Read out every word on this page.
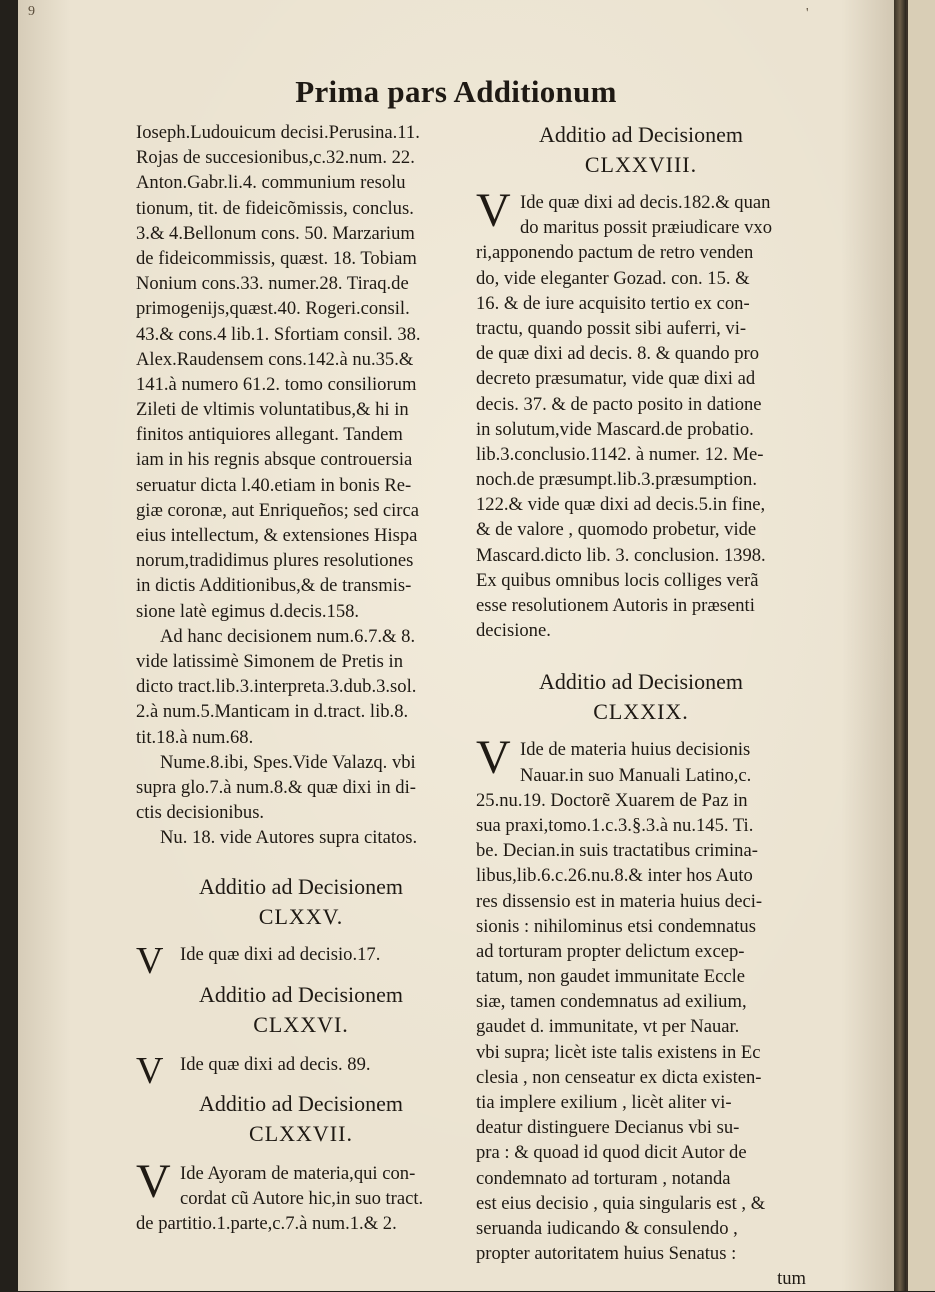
'
9
Prima pars Additionum
Ioseph.Ludouicum decisi.Perusina.11.
Rojas de succesionibus,c.32.num. 22.
Anton.Gabr.li.4. communium resolu
tionum, tit. de fideicõmissis, conclus.
3.& 4.Bellonum cons. 50. Marzarium
de fideicommissis, quæst. 18. Tobiam
Nonium cons.33. numer.28. Tiraq.de
primogenijs,quæst.40. Rogeri.consil.
43.& cons.4 lib.1. Sfortiam consil. 38.
Alex.Raudensem cons.142.à nu.35.&
141.à numero 61.2. tomo consiliorum
Zileti de vltimis voluntatibus,& hi in
finitos antiquiores allegant. Tandem
iam in his regnis absque controuersia
seruatur dicta l.40.etiam in bonis Re-
giæ coronæ, aut Enriqueños; sed circa
eius intellectum, & extensiones Hispa
norum,tradidimus plures resolutiones
in dictis Additionibus,& de transmis-
sione latè egimus d.decis.158.
Ad hanc decisionem num.6.7.& 8.
vide latissimè Simonem de Pretis in
dicto tract.lib.3.interpreta.3.dub.3.sol.
2.à num.5.Manticam in d.tract. lib.8.
tit.18.à num.68.
Nume.8.ibi, Spes.Vide Valazq. vbi
supra glo.7.à num.8.& quæ dixi in di-
ctis decisionibus.
Nu. 18. vide Autores supra citatos.
Additio ad Decisionem
CLXXV.
V Ide quæ dixi ad decisio.17.
Additio ad Decisionem
CLXXVI.
V Ide quæ dixi ad decis. 89.
Additio ad Decisionem
CLXXVII.
V Ide Ayoram de materia,qui con-
cordat cũ Autore hic,in suo tract.
de partitio.1.parte,c.7.à num.1.& 2.
Additio ad Decisionem
CLXXVIII.
V Ide quæ dixi ad decis.182.& quan
do maritus possit præiudicare vxo
ri,apponendo pactum de retro venden
do, vide eleganter Gozad. con. 15. &
16. & de iure acquisito tertio ex con-
tractu, quando possit sibi auferri, vi-
de quæ dixi ad decis. 8. & quando pro
decreto præsumatur, vide quæ dixi ad
decis. 37. & de pacto posito in datione
in solutum,vide Mascard.de probatio.
lib.3.conclusio.1142. à numer. 12. Me-
noch.de præsumpt.lib.3.præsumption.
122.& vide quæ dixi ad decis.5.in fine,
& de valore , quomodo probetur, vide
Mascard.dicto lib. 3. conclusion. 1398.
Ex quibus omnibus locis colliges verã
esse resolutionem Autoris in præsenti
decisione.
Additio ad Decisionem
CLXXIX.
V Ide de materia huius decisionis
Nauar.in suo Manuali Latino,c.
25.nu.19. Doctorẽ Xuarem de Paz in
sua praxi,tomo.1.c.3.§.3.à nu.145. Ti.
be. Decian.in suis tractatibus crimina-
libus,lib.6.c.26.nu.8.& inter hos Auto
res dissensio est in materia huius deci-
sionis : nihilominus etsi condemnatus
ad torturam propter delictum excep-
tatum, non gaudet immunitate Eccle
siæ, tamen condemnatus ad exilium,
gaudet d. immunitate, vt per Nauar.
vbi supra; licèt iste talis existens in Ec
clesia , non censeatur ex dicta existen-
tia implere exilium , licèt aliter vi-
deatur distinguere Decianus vbi su-
pra : & quoad id quod dicit Autor de
condemnato ad torturam , notanda
est eius decisio , quia singularis est , &
seruanda iudicando & consulendo ,
propter autoritatem huius Senatus :
tum
